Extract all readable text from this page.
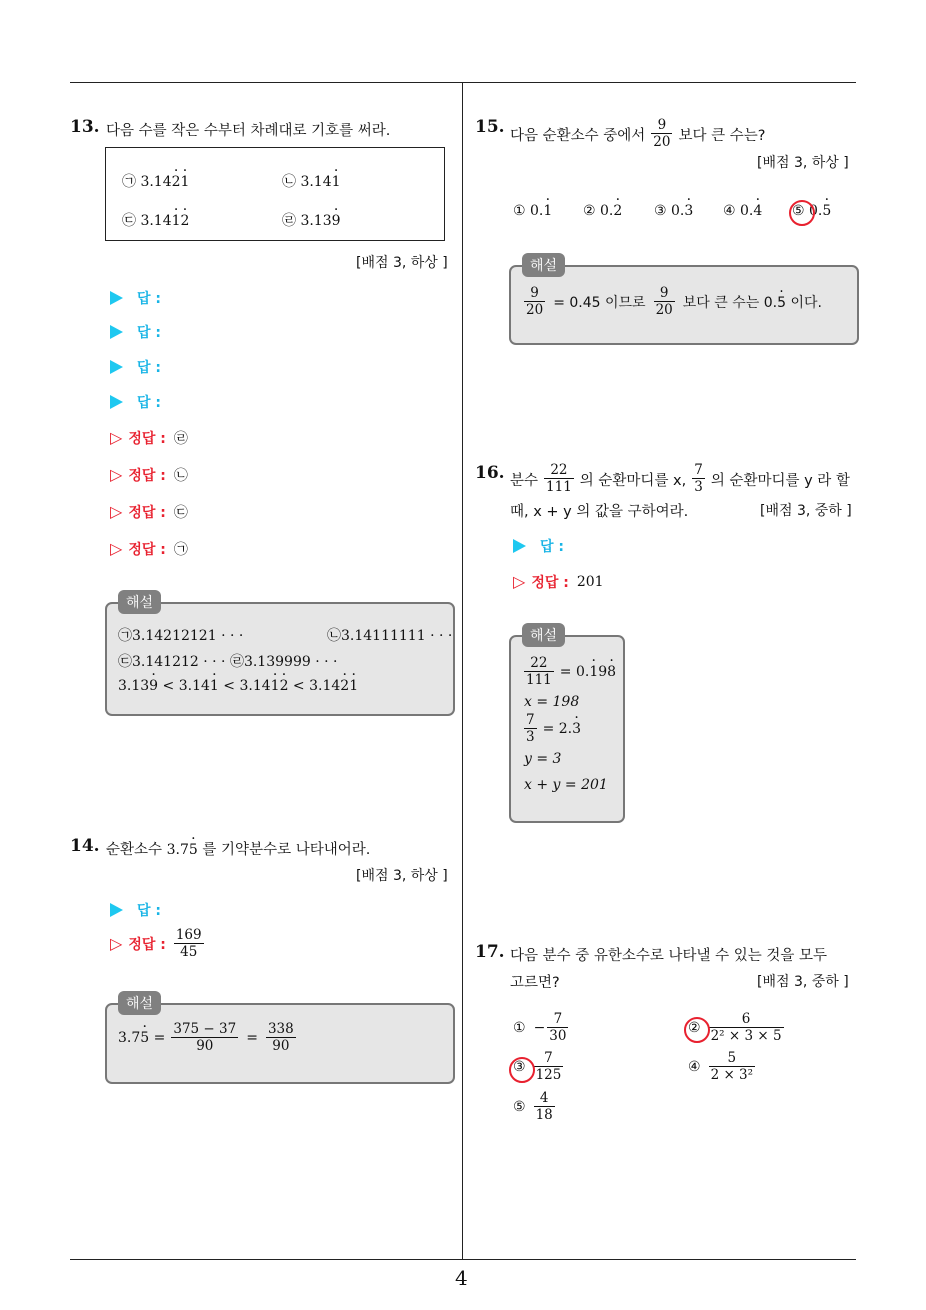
4
13. 다음 수를 작은 수부터 차례대로 기호를 써라.
㉠ 3.14· 2· 1	㉡ 3.14· 1
㉢ 3.14· 1· 2	㉣ 3.13· 9
[배점 3, 하상 ]
답 :
답 :
답 :
답 :
▷ 정답 : ㉣
▷ 정답 : ㉡
▷ 정답 : ㉢
▷ 정답 : ㉠
해설
㉠3.14212121 · · ·	㉡3.14111111 · · ·
㉢3.141212 · · · ㉣3.139999 · · ·
3.13· 9 < 3.14· 1 < 3.14· 1· 2 < 3.14· 2· 1
14. 순환소수 3.7· 5 를 기약분수로 나타내어라.
[배점 3, 하상 ]
답 :
▷ 정답 : $\frac{169}{45}$
해설
$3.7\cdot 5 = \frac{375 - 37}{90} = \frac{338}{90}$
15. 다음 순환소수 중에서 $\frac{9}{20}$ 보다 큰 수는?
[배점 3, 하상 ]
① 0.· 1 ② 0.· 2 ③ 0.· 3 ④ 0.· 4 ⑤ 0.· 5
해설
$\frac{9}{20} = 0.45$ 이므로 $\frac{9}{20}$ 보다 큰 수는 0.· 5 이다.
16. 분수 $\frac{22}{111}$ 의 순환마디를 x, $\frac{7}{3}$ 의 순환마디를 y 라 할
때, x + y 의 값을 구하여라.	[배점 3, 중하 ]
답 :
▷ 정답 : 201
해설
$\frac{22}{111} = 0.\cdot 19\cdot 8$
x = 198
$\frac{7}{3} = 2.\cdot 3$
y = 3
x + y = 201
17. 다음 분수 중 유한소수로 나타낼 수 있는 것을 모두
고르면?	[배점 3, 중하 ]
① − $\frac{7}{30}$	② $\frac{6}{\text{2² × 3 × 5}}$
③ $\frac{7}{125}$	④ $\frac{5}{\text{2 × 3²}}$
⑤ $\frac{4}{18}$
